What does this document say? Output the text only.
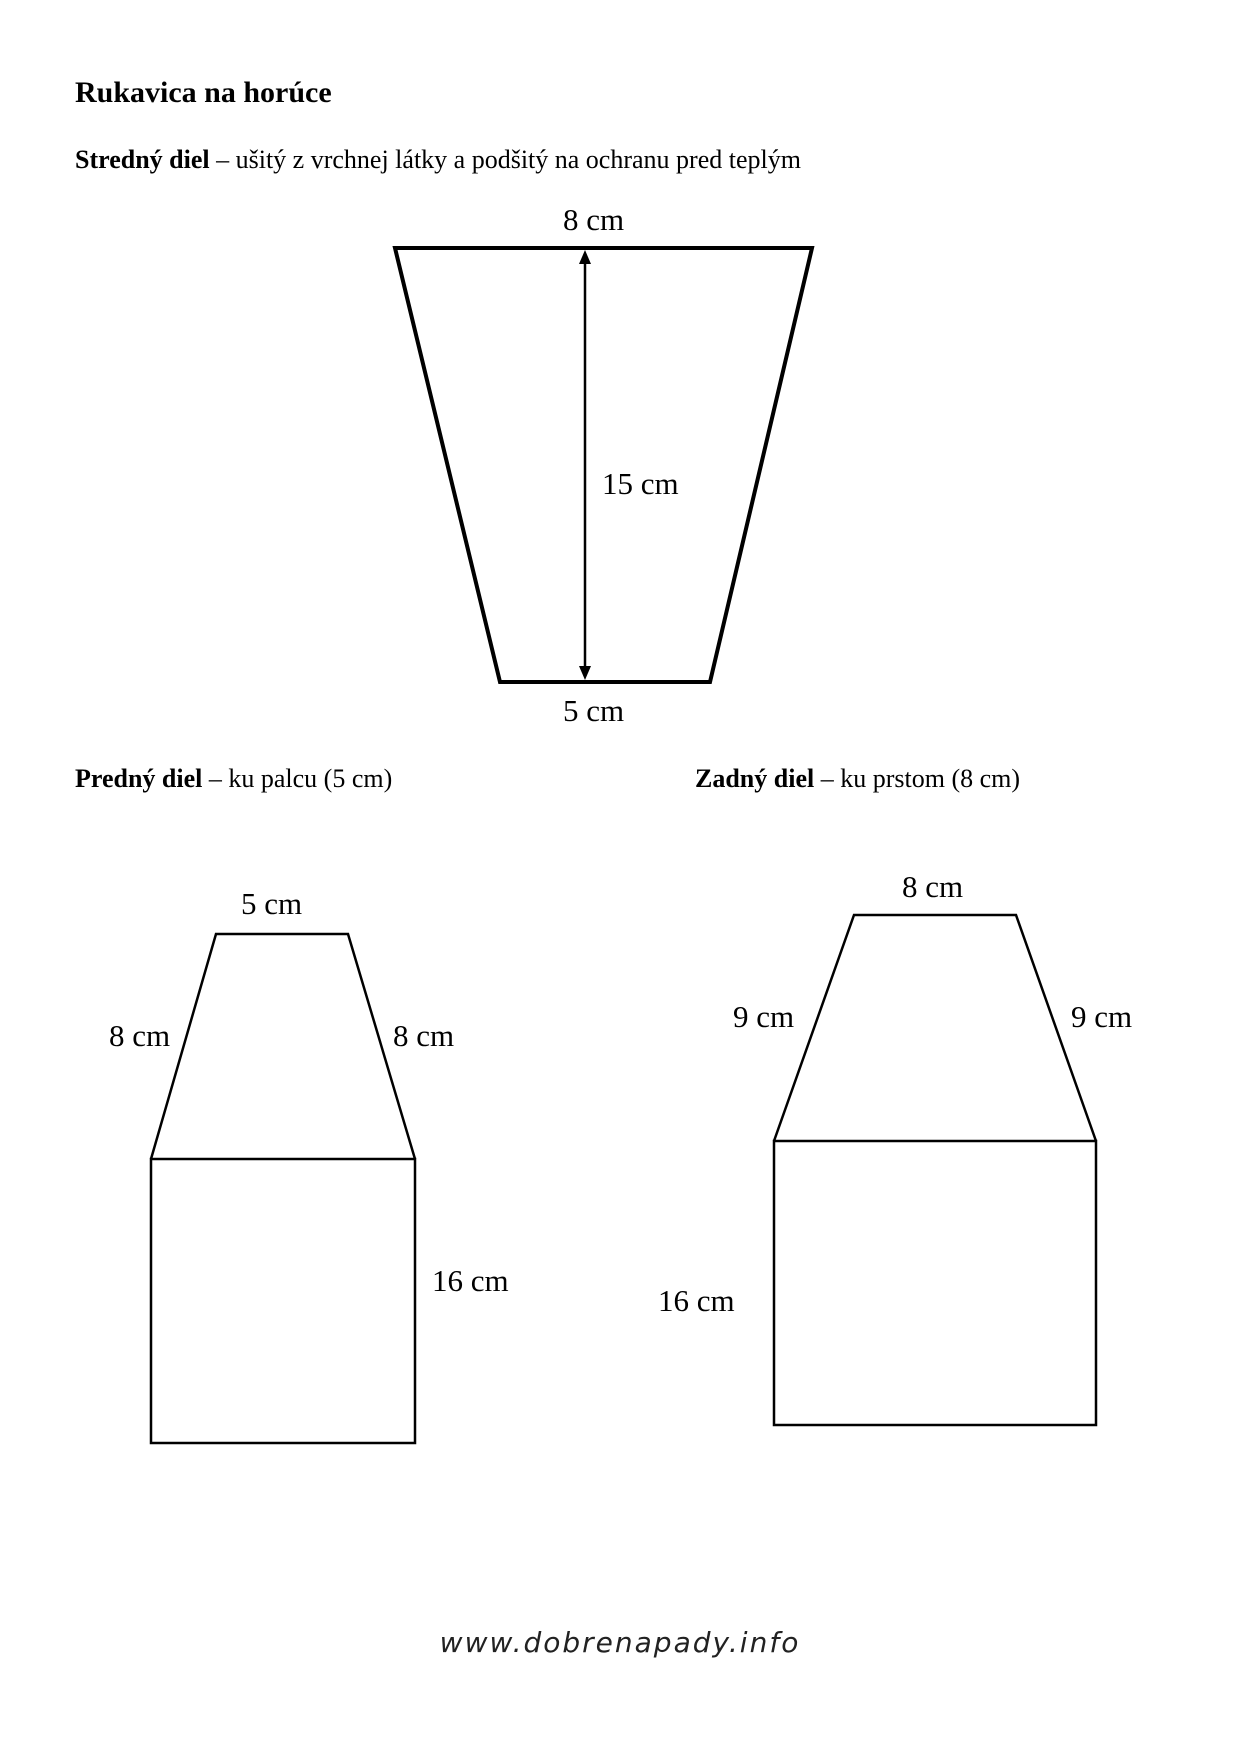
Rukavica na horúce
Stredný diel – ušitý z vrchnej látky a podšitý na ochranu pred teplým
8 cm
15 cm
5 cm
Predný diel – ku palcu (5 cm)	Zadný diel – ku prstom (8 cm)
5 cm
8 cm	8 cm
16 cm
8 cm
9 cm	9 cm
16 cm
www.dobrenapady.info
